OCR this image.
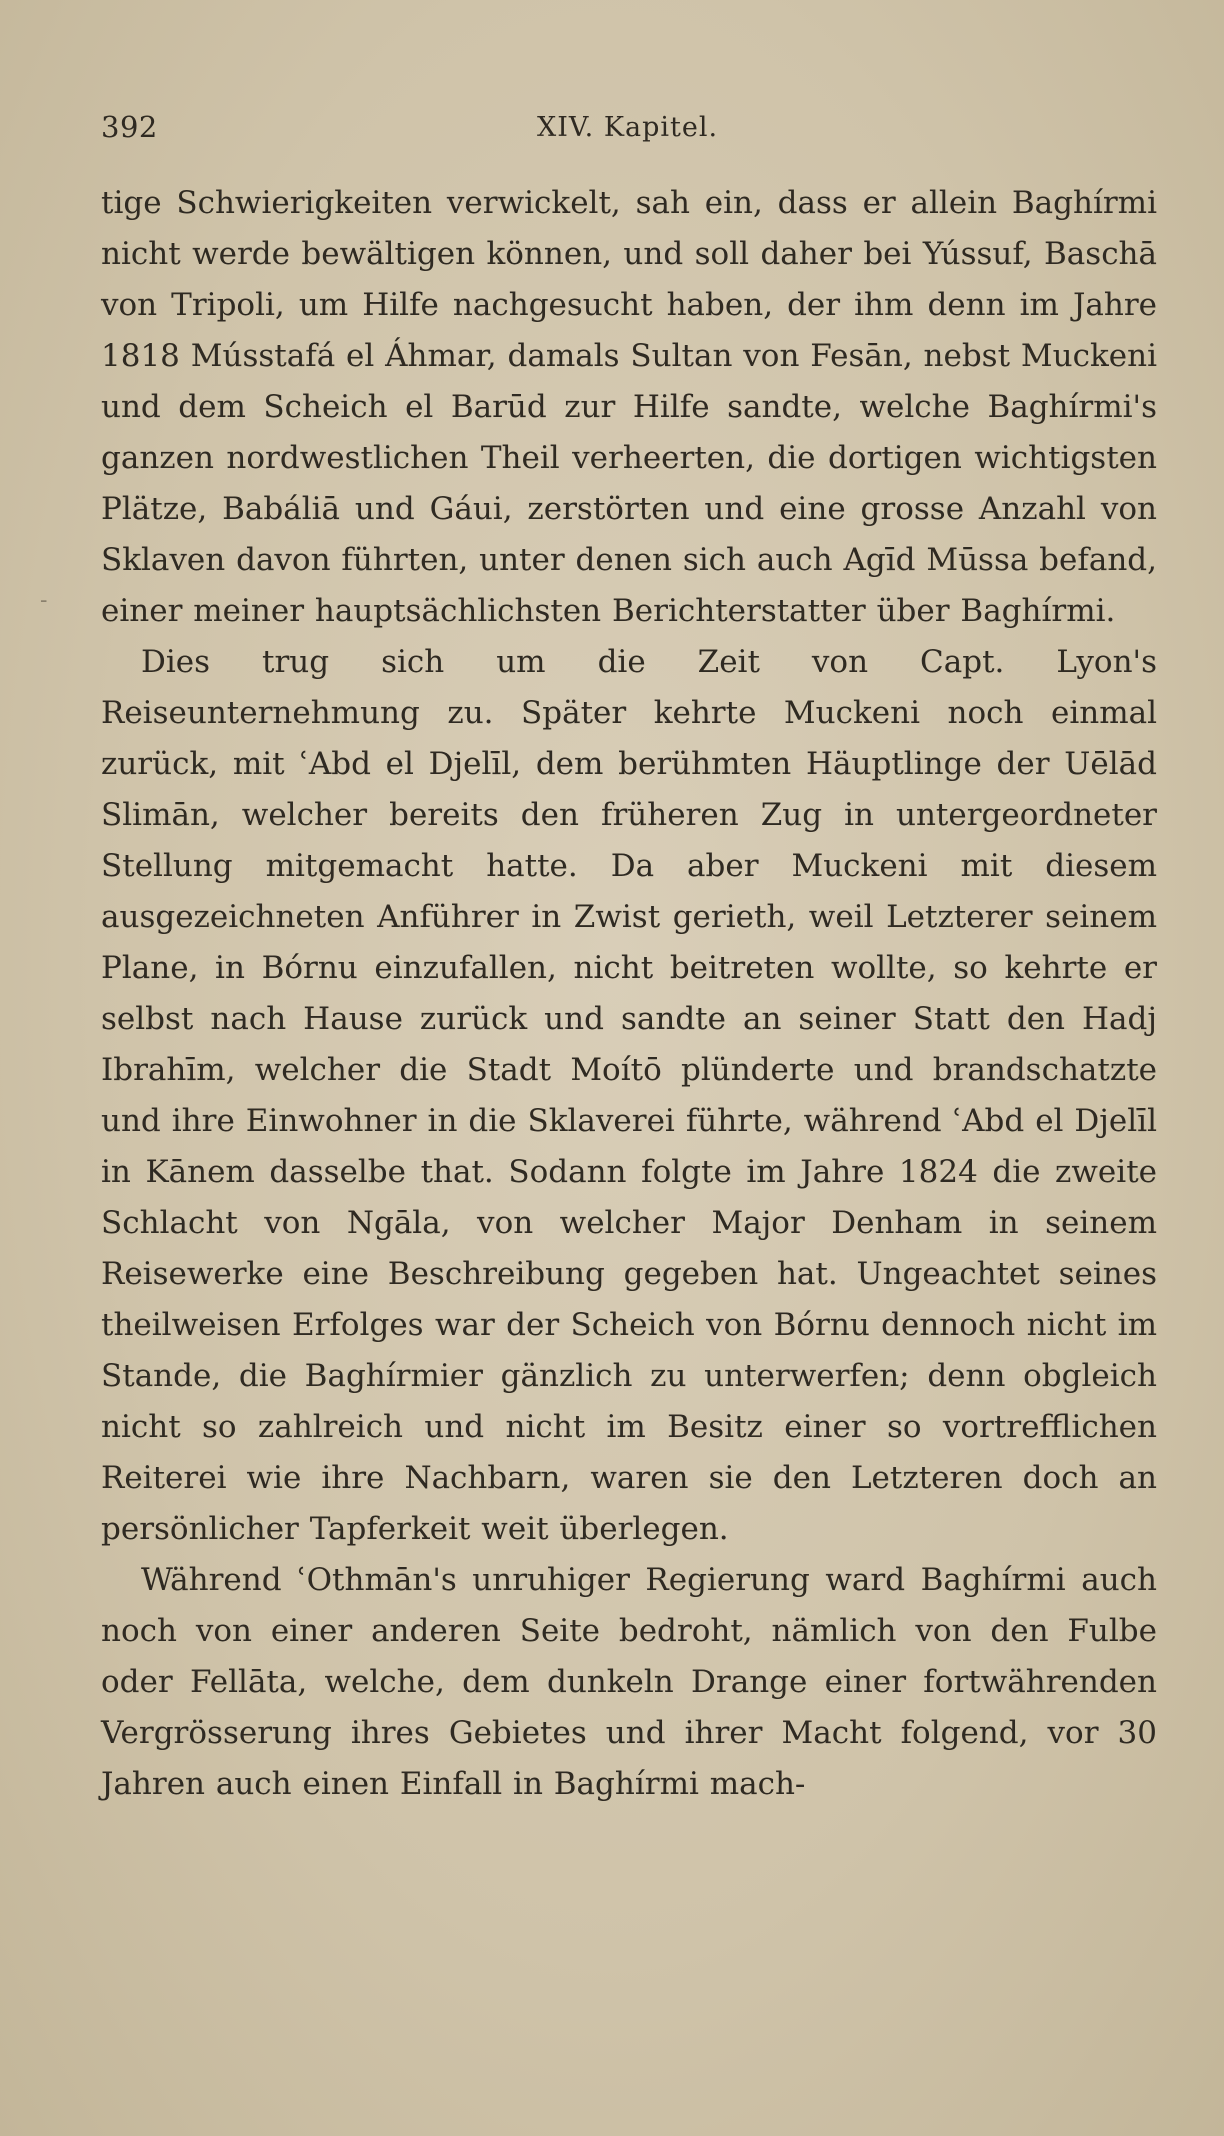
392	XIV. Kapitel.
-

tige Schwierigkeiten verwickelt, sah ein, dass er allein Baghírmi nicht werde bewältigen können, und soll daher bei Yússuf, Baschā von Tripoli, um Hilfe nachgesucht haben, der ihm denn im Jahre 1818 Músstafá el Áhmar, damals Sultan von Fesān, nebst Muckeni und dem Scheich el Barūd zur Hilfe sandte, welche Baghírmi's ganzen nordwestlichen Theil verheerten, die dortigen wichtigsten Plätze, Babáliā und Gáui, zerstörten und eine grosse Anzahl von Sklaven davon führten, unter denen sich auch Agīd Mūssa befand, einer meiner hauptsächlichsten Berichterstatter über Baghírmi.

Dies trug sich um die Zeit von Capt. Lyon's Reiseunternehmung zu. Später kehrte Muckeni noch einmal zurück, mit ʿAbd el Djelīl, dem berühmten Häuptlinge der Uēlād Slimān, welcher bereits den früheren Zug in untergeordneter Stellung mitgemacht hatte. Da aber Muckeni mit diesem ausgezeichneten Anführer in Zwist gerieth, weil Letzterer seinem Plane, in Bórnu einzufallen, nicht beitreten wollte, so kehrte er selbst nach Hause zurück und sandte an seiner Statt den Hadj Ibrahīm, welcher die Stadt Moítō plünderte und brandschatzte und ihre Einwohner in die Sklaverei führte, während ʿAbd el Djelīl in Kānem dasselbe that. Sodann folgte im Jahre 1824 die zweite Schlacht von Ngāla, von welcher Major Denham in seinem Reisewerke eine Beschreibung gegeben hat. Ungeachtet seines theilweisen Erfolges war der Scheich von Bórnu dennoch nicht im Stande, die Baghírmier gänzlich zu unterwerfen; denn obgleich nicht so zahlreich und nicht im Besitz einer so vortrefflichen Reiterei wie ihre Nachbarn, waren sie den Letzteren doch an persönlicher Tapferkeit weit überlegen.

Während ʿOthmān's unruhiger Regierung ward Baghírmi auch noch von einer anderen Seite bedroht, nämlich von den Fulbe oder Fellāta, welche, dem dunkeln Drange einer fortwährenden Vergrösserung ihres Gebietes und ihrer Macht folgend, vor 30 Jahren auch einen Einfall in Baghírmi mach-
